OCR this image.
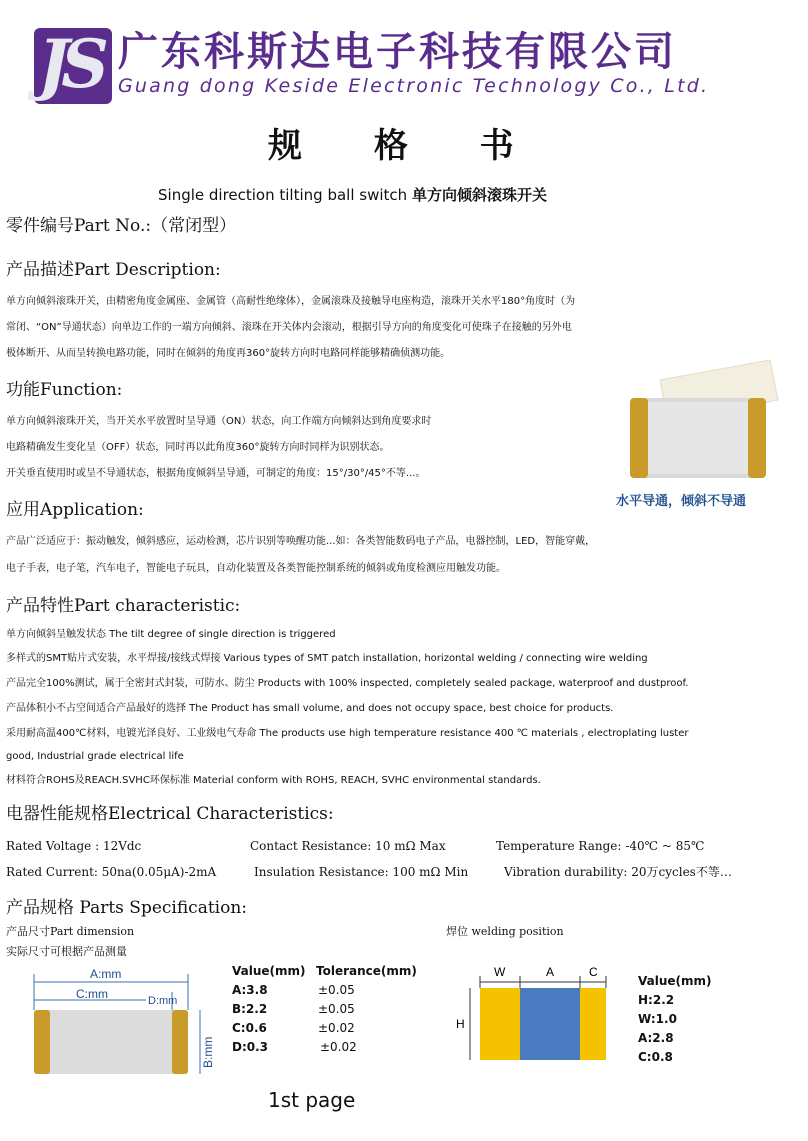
JS 广东科斯达电子科技有限公司
Guang dong Keside Electronic Technology Co., Ltd.
规 格 书
Single direction tilting ball switch 单方向倾斜滚珠开关
零件编号Part No.:（常闭型）
产品描述Part Description:
单方向倾斜滚珠开关，由精密角度金属座、金属管（高耐性绝缘体），金属滚珠及接触导电座构造，滚珠开关水平180°角度时（为
常闭、“ON”导通状态）向单边工作的一端方向倾斜、滚珠在开关体内会滚动，根据引导方向的角度变化可使珠子在接触的另外电
极体断开、从而呈转换电路功能，同时在倾斜的角度再360°旋转方向时电路同样能够精确侦测功能。
功能Function:
单方向倾斜滚珠开关，当开关水平放置时呈导通（ON）状态，向工作端方向倾斜达到角度要求时
电路精确发生变化呈（OFF）状态，同时再以此角度360°旋转方向时同样为识别状态。
开关垂直使用时或呈不导通状态，根据角度倾斜呈导通，可制定的角度：15°/30°/45°不等...。
水平导通，倾斜不导通
应用Application:
产品广泛适应于：振动触发，倾斜感应，运动检测，芯片识别等唤醒功能...如：各类智能数码电子产品，电器控制，LED，智能穿戴，
电子手表，电子笔，汽车电子，智能电子玩具，自动化装置及各类智能控制系统的倾斜或角度检测应用触发功能。
产品特性Part characteristic:
单方向倾斜呈触发状态 The tilt degree of single direction is triggered
多样式的SMT贴片式安装，水平焊接/接线式焊接 Various types of SMT patch installation, horizontal welding / connecting wire welding
产品完全100%测试，属于全密封式封装，可防水、防尘 Products with 100% inspected, completely sealed package, waterproof and dustproof.
产品体积小不占空间适合产品最好的选择 The Product has small volume, and does not occupy space, best choice for products.
采用耐高温400℃材料，电镀光泽良好、工业级电气寿命 The products use high temperature resistance 400 ℃ materials , electroplating luster
good, Industrial grade electrical life
材料符合ROHS及REACH.SVHC环保标准 Material conform with ROHS, REACH, SVHC environmental standards.
电器性能规格Electrical Characteristics:
Rated Voltage : 12Vdc	Contact Resistance: 10 mΩ Max	Temperature Range: -40℃ ~ 85℃
Rated Current: 50na(0.05μA)-2mA	Insulation Resistance: 100 mΩ Min	Vibration durability: 20万cycles不等…
产品规格 Parts Specification:
产品尺寸Part dimension
实际尺寸可根据产品测量
焊位 welding position
A:mm
C:mm	D:mm
B:mm
Value(mm) Tolerance(mm)
A:3.8	±0.05
B:2.2	±0.05
C:0.6	±0.02
D:0.3	±0.02
W	A	C
H
Value(mm)
H:2.2
W:1.0
A:2.8
C:0.8
1st page
